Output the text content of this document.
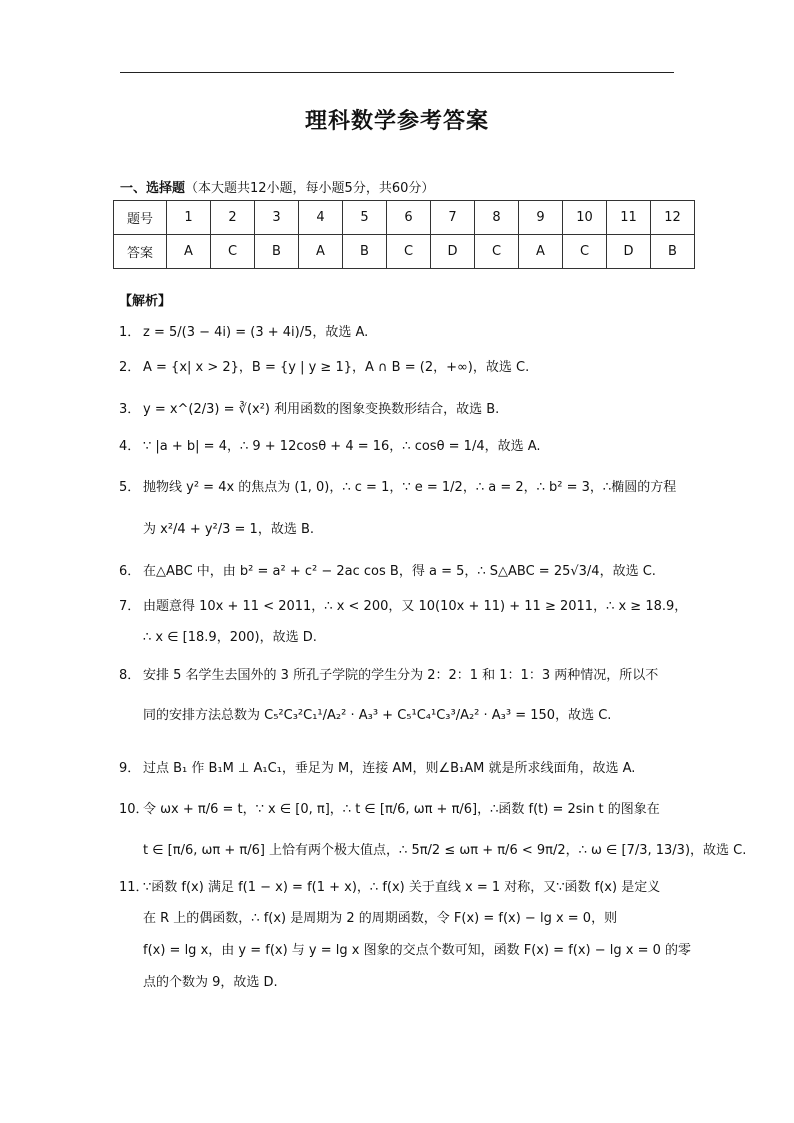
理科数学参考答案
一、选择题（本大题共12小题，每小题5分，共60分）
题号	1	2	3	4	5	6	7	8	9	10	11	12
答案	A	C	B	A	B	C	D	C	A	C	D	B
【解析】
1． z = 5/(3 − 4i) = (3 + 4i)/5，故选 A.
2． A = {x| x > 2}，B = {y | y ≥ 1}，A ∩ B = (2，+∞)，故选 C.
3． y = x^(2/3) = ∛(x²) 利用函数的图象变换数形结合，故选 B.
4． ∵ |a + b| = 4，∴ 9 + 12cosθ + 4 = 16，∴ cosθ = 1/4，故选 A.
5． 抛物线 y² = 4x 的焦点为 (1, 0)，∴ c = 1，∵ e = 1/2，∴ a = 2，∴ b² = 3，∴椭圆的方程
为 x²/4 + y²/3 = 1，故选 B.
6． 在△ABC 中，由 b² = a² + c² − 2ac cos B，得 a = 5，∴ S△ABC = 25√3/4，故选 C.
7． 由题意得 10x + 11 < 2011，∴ x < 200，又 10(10x + 11) + 11 ≥ 2011，∴ x ≥ 18.9，
∴ x ∈ [18.9，200)，故选 D.
8． 安排 5 名学生去国外的 3 所孔子学院的学生分为 2：2：1 和 1：1：3 两种情况，所以不
同的安排方法总数为 C₅²C₃²C₁¹/A₂² · A₃³ + C₅¹C₄¹C₃³/A₂² · A₃³ = 150，故选 C.
9． 过点 B₁ 作 B₁M ⊥ A₁C₁，垂足为 M，连接 AM，则∠B₁AM 就是所求线面角，故选 A.
10．令 ωx + π/6 = t，∵ x ∈ [0, π]，∴ t ∈ [π/6, ωπ + π/6]，∴函数 f(t) = 2sin t 的图象在
t ∈ [π/6, ωπ + π/6] 上恰有两个极大值点，∴ 5π/2 ≤ ωπ + π/6 < 9π/2，∴ ω ∈ [7/3, 13/3)，故选 C.
11．∵函数 f(x) 满足 f(1 − x) = f(1 + x)，∴ f(x) 关于直线 x = 1 对称，又∵函数 f(x) 是定义
在 R 上的偶函数，∴ f(x) 是周期为 2 的周期函数，令 F(x) = f(x) − lg x = 0，则
f(x) = lg x，由 y = f(x) 与 y = lg x 图象的交点个数可知，函数 F(x) = f(x) − lg x = 0 的零
点的个数为 9，故选 D.
